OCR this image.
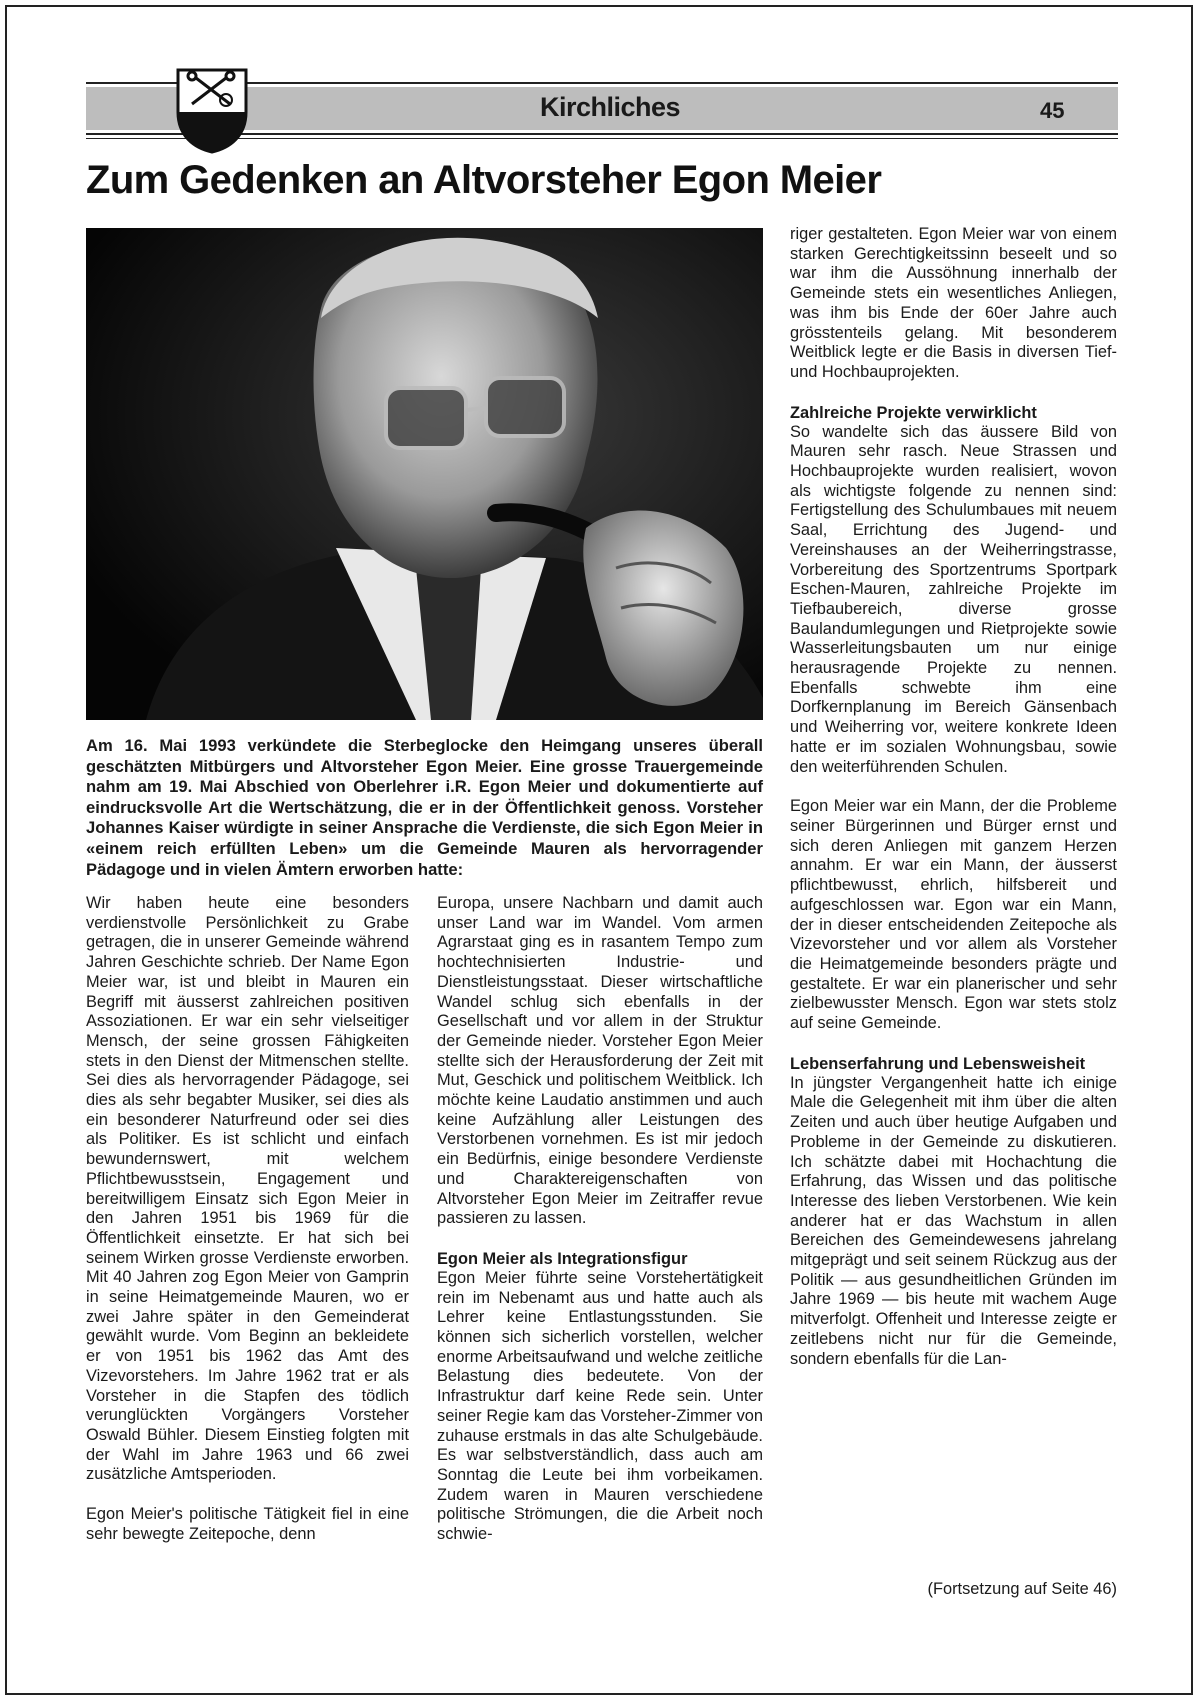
Kirchliches	45
Zum Gedenken an Altvorsteher Egon Meier

Am 16. Mai 1993 verkündete die Sterbeglocke den Heimgang unseres überall geschätzten Mitbürgers und Altvorsteher Egon Meier. Eine grosse Trauergemeinde nahm am 19. Mai Abschied von Oberlehrer i.R. Egon Meier und dokumentierte auf eindrucksvolle Art die Wertschätzung, die er in der Öffentlichkeit genoss. Vorsteher Johannes Kaiser würdigte in seiner Ansprache die Verdienste, die sich Egon Meier in «einem reich erfüllten Leben» um die Gemeinde Mauren als hervorragender Pädagoge und in vielen Ämtern erworben hatte:

Wir haben heute eine besonders verdienstvolle Persönlichkeit zu Grabe getragen, die in unserer Gemeinde während Jahren Geschichte schrieb. Der Name Egon Meier war, ist und bleibt in Mauren ein Begriff mit äusserst zahlreichen positiven Assoziationen. Er war ein sehr vielseitiger Mensch, der seine grossen Fähigkeiten stets in den Dienst der Mitmenschen stellte. Sei dies als hervorragender Pädagoge, sei dies als sehr begabter Musiker, sei dies als ein besonderer Naturfreund oder sei dies als Politiker. Es ist schlicht und einfach bewundernswert, mit welchem Pflichtbewusstsein, Engagement und bereitwilligem Einsatz sich Egon Meier in den Jahren 1951 bis 1969 für die Öffentlichkeit einsetzte. Er hat sich bei seinem Wirken grosse Verdienste erworben. Mit 40 Jahren zog Egon Meier von Gamprin in seine Heimatgemeinde Mauren, wo er zwei Jahre später in den Gemeinderat gewählt wurde. Vom Beginn an bekleidete er von 1951 bis 1962 das Amt des Vizevorstehers. Im Jahre 1962 trat er als Vorsteher in die Stapfen des tödlich verunglückten Vorgängers Vorsteher Oswald Bühler. Diesem Einstieg folgten mit der Wahl im Jahre 1963 und 66 zwei zusätzliche Amtsperioden.

Egon Meier's politische Tätigkeit fiel in eine sehr bewegte Zeitepoche, denn

Europa, unsere Nachbarn und damit auch unser Land war im Wandel. Vom armen Agrarstaat ging es in rasantem Tempo zum hochtechnisierten Industrie- und Dienstleistungsstaat. Dieser wirtschaftliche Wandel schlug sich ebenfalls in der Gesellschaft und vor allem in der Struktur der Gemeinde nieder. Vorsteher Egon Meier stellte sich der Herausforderung der Zeit mit Mut, Geschick und politischem Weitblick. Ich möchte keine Laudatio anstimmen und auch keine Aufzählung aller Leistungen des Verstorbenen vornehmen. Es ist mir jedoch ein Bedürfnis, einige besondere Verdienste und Charaktereigenschaften von Altvorsteher Egon Meier im Zeitraffer revue passieren zu lassen.

Egon Meier als Integrationsfigur

Egon Meier führte seine Vorstehertätigkeit rein im Nebenamt aus und hatte auch als Lehrer keine Entlastungsstunden. Sie können sich sicherlich vorstellen, welcher enorme Arbeitsaufwand und welche zeitliche Belastung dies bedeutete. Von der Infrastruktur darf keine Rede sein. Unter seiner Regie kam das Vorsteher-Zimmer von zuhause erstmals in das alte Schulgebäude. Es war selbstverständlich, dass auch am Sonntag die Leute bei ihm vorbeikamen. Zudem waren in Mauren verschiedene politische Strömungen, die die Arbeit noch schwie-

riger gestalteten. Egon Meier war von einem starken Gerechtigkeitssinn beseelt und so war ihm die Aussöhnung innerhalb der Gemeinde stets ein wesentliches Anliegen, was ihm bis Ende der 60er Jahre auch grösstenteils gelang. Mit besonderem Weitblick legte er die Basis in diversen Tief- und Hochbauprojekten.

Zahlreiche Projekte verwirklicht

So wandelte sich das äussere Bild von Mauren sehr rasch. Neue Strassen und Hochbauprojekte wurden realisiert, wovon als wichtigste folgende zu nennen sind: Fertigstellung des Schulumbaues mit neuem Saal, Errichtung des Jugend- und Vereinshauses an der Weiherringstrasse, Vorbereitung des Sportzentrums Sportpark Eschen-Mauren, zahlreiche Projekte im Tiefbaubereich, diverse grosse Baulandumlegungen und Rietprojekte sowie Wasserleitungsbauten um nur einige herausragende Projekte zu nennen. Ebenfalls schwebte ihm eine Dorfkernplanung im Bereich Gänsenbach und Weiherring vor, weitere konkrete Ideen hatte er im sozialen Wohnungsbau, sowie den weiterführenden Schulen.

Egon Meier war ein Mann, der die Probleme seiner Bürgerinnen und Bürger ernst und sich deren Anliegen mit ganzem Herzen annahm. Er war ein Mann, der äusserst pflichtbewusst, ehrlich, hilfsbereit und aufgeschlossen war. Egon war ein Mann, der in dieser entscheidenden Zeitepoche als Vizevorsteher und vor allem als Vorsteher die Heimatgemeinde besonders prägte und gestaltete. Er war ein planerischer und sehr zielbewusster Mensch. Egon war stets stolz auf seine Gemeinde.

Lebenserfahrung und Lebensweisheit

In jüngster Vergangenheit hatte ich einige Male die Gelegenheit mit ihm über die alten Zeiten und auch über heutige Aufgaben und Probleme in der Gemeinde zu diskutieren. Ich schätzte dabei mit Hochachtung die Erfahrung, das Wissen und das politische Interesse des lieben Verstorbenen. Wie kein anderer hat er das Wachstum in allen Bereichen des Gemeindewesens jahrelang mitgeprägt und seit seinem Rückzug aus der Politik — aus gesundheitlichen Gründen im Jahre 1969 — bis heute mit wachem Auge mitverfolgt. Offenheit und Interesse zeigte er zeitlebens nicht nur für die Gemeinde, sondern ebenfalls für die Lan-

(Fortsetzung auf Seite 46)
